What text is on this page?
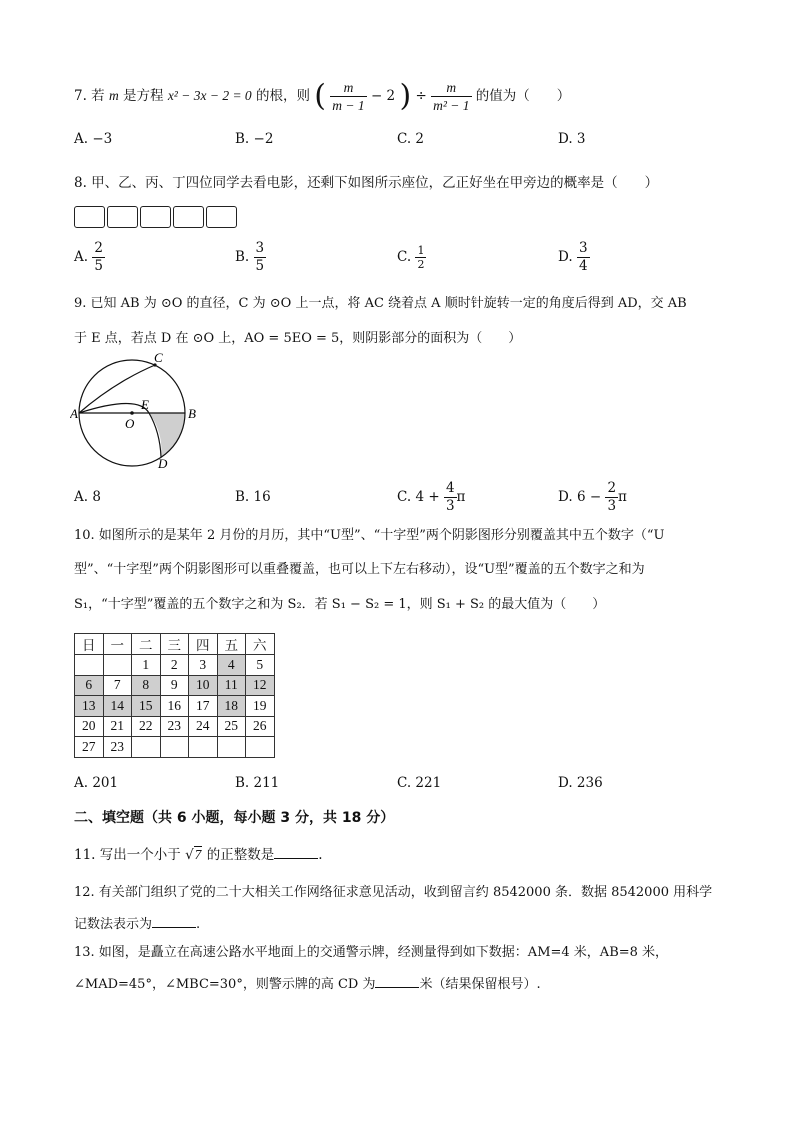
7. 若 m 是方程 x² − 3x − 2 = 0 的根，则 ( $\frac{m}{m - 1} - 2$ ) ÷ $\frac{m}{\text{m² − 1}}$ 的值为（　　）
A. −3	B. −2	C. 2	D. 3
8. 甲、乙、丙、丁四位同学去看电影，还剩下如图所示座位，乙正好坐在甲旁边的概率是（　　）
A. $\frac{2}{5}$	B. $\frac{3}{5}$	C. $\frac{1}{2}$	D. $\frac{3}{4}$
9. 已知 AB 为 ⊙O 的直径，C 为 ⊙O 上一点，将 AC 绕着点 A 顺时针旋转一定的角度后得到 AD，交 AB
于 E 点，若点 D 在 ⊙O 上，AO = 5EO = 5，则阴影部分的面积为（　　）
A	B
C
D
E
O
A. 8	B. 16	C. $4 + \frac{4}{3}$ π	D. $6 - \frac{2}{3}$ π
10. 如图所示的是某年 2 月份的月历，其中“U型”、“十字型”两个阴影图形分别覆盖其中五个数字（“U
型”、“十字型”两个阴影图形可以重叠覆盖，也可以上下左右移动），设“U型”覆盖的五个数字之和为
S₁，“十字型”覆盖的五个数字之和为 S₂．若 S₁ − S₂ = 1，则 S₁ + S₂ 的最大值为（　　）
日	一	二	三	四	五	六
		1	2	3	4	5
6	7	8	9	10	11	12
13	14	15	16	17	18	19
20	21	22	23	24	25	26
27	23					
A. 201	B. 211	C. 221	D. 236
二、填空题（共 6 小题，每小题 3 分，共 18 分）
11. 写出一个小于 √7 的正整数是	.
12. 有关部门组织了党的二十大相关工作网络征求意见活动，收到留言约 8542000 条．数据 8542000 用科学
记数法表示为	.
13. 如图，是矗立在高速公路水平地面上的交通警示牌，经测量得到如下数据：AM=4 米，AB=8 米，
∠MAD=45°，∠MBC=30°，则警示牌的高 CD 为	米（结果保留根号）.
